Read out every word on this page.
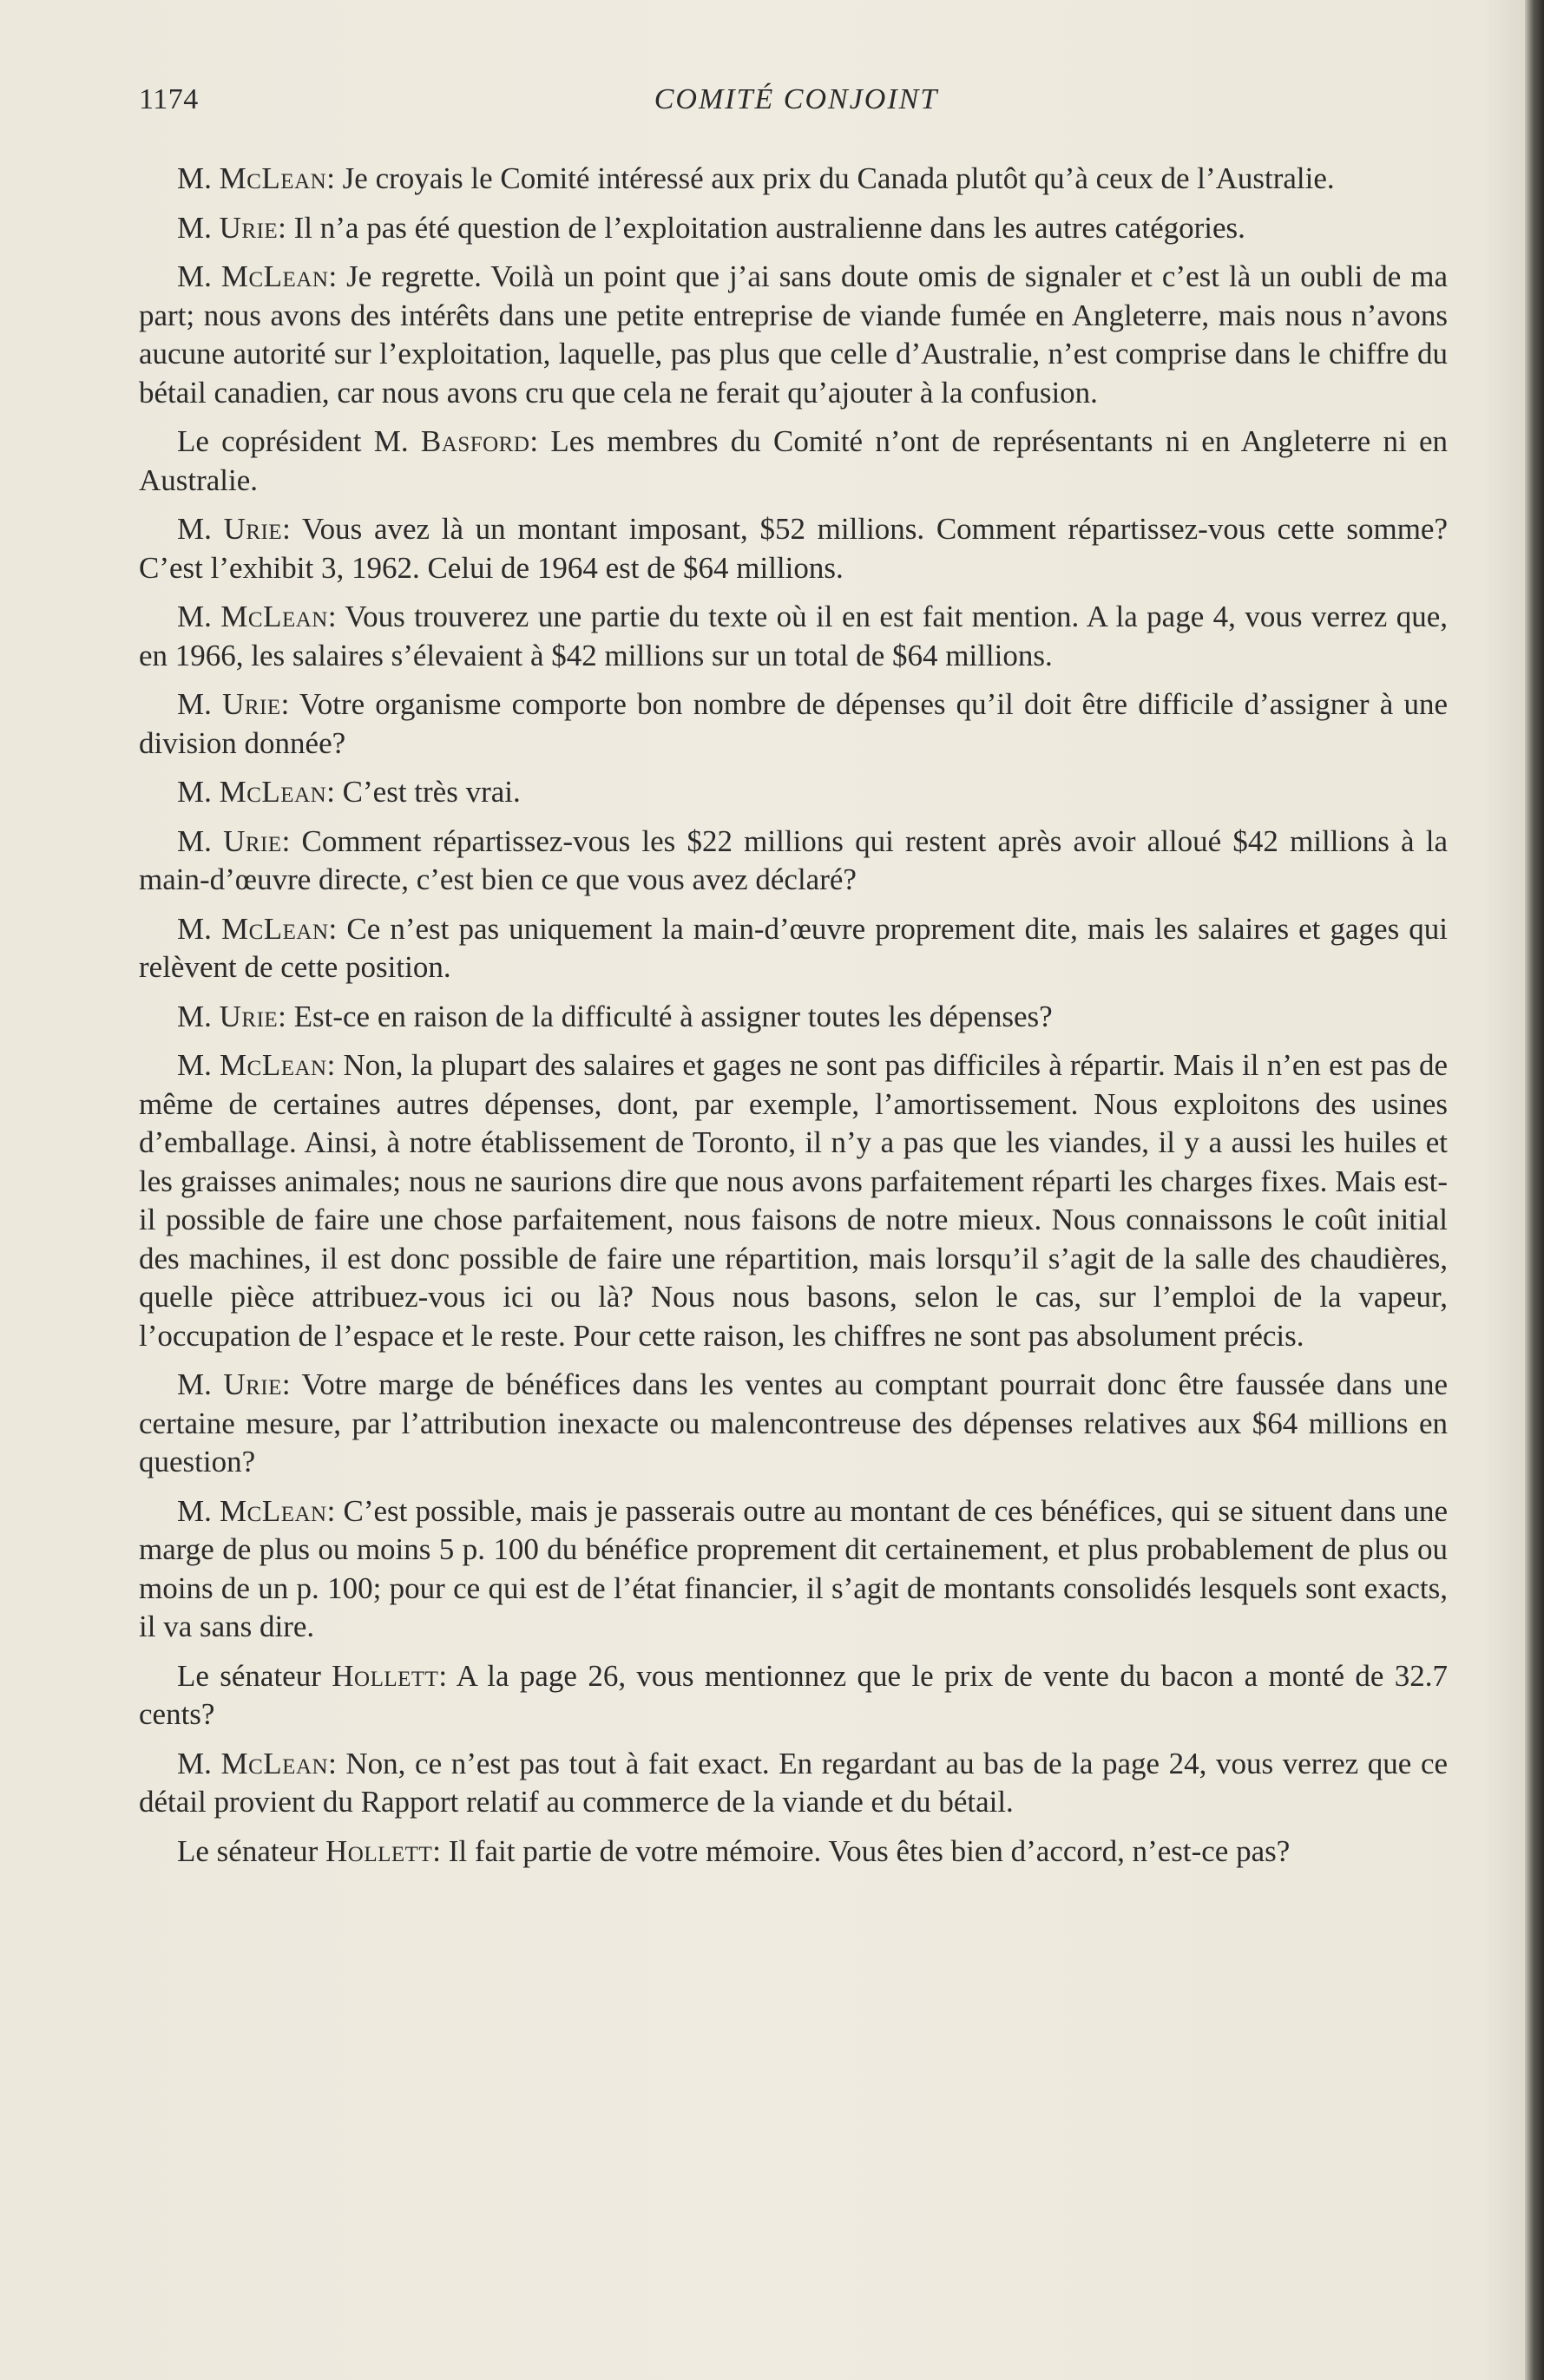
1174	COMITÉ CONJOINT

M. McLean: Je croyais le Comité intéressé aux prix du Canada plutôt qu’à ceux de l’Australie.

M. Urie: Il n’a pas été question de l’exploitation australienne dans les autres catégories.

M. McLean: Je regrette. Voilà un point que j’ai sans doute omis de signaler et c’est là un oubli de ma part; nous avons des intérêts dans une petite entreprise de viande fumée en Angleterre, mais nous n’avons aucune autorité sur l’exploitation, laquelle, pas plus que celle d’Australie, n’est comprise dans le chiffre du bétail canadien, car nous avons cru que cela ne ferait qu’ajouter à la confusion.

Le coprésident M. Basford: Les membres du Comité n’ont de représentants ni en Angleterre ni en Australie.

M. Urie: Vous avez là un montant imposant, $52 millions. Comment répartissez-vous cette somme? C’est l’exhibit 3, 1962. Celui de 1964 est de $64 millions.

M. McLean: Vous trouverez une partie du texte où il en est fait mention. A la page 4, vous verrez que, en 1966, les salaires s’élevaient à $42 millions sur un total de $64 millions.

M. Urie: Votre organisme comporte bon nombre de dépenses qu’il doit être difficile d’assigner à une division donnée?

M. McLean: C’est très vrai.

M. Urie: Comment répartissez-vous les $22 millions qui restent après avoir alloué $42 millions à la main-d’œuvre directe, c’est bien ce que vous avez déclaré?

M. McLean: Ce n’est pas uniquement la main-d’œuvre proprement dite, mais les salaires et gages qui relèvent de cette position.

M. Urie: Est-ce en raison de la difficulté à assigner toutes les dépenses?

M. McLean: Non, la plupart des salaires et gages ne sont pas difficiles à répartir. Mais il n’en est pas de même de certaines autres dépenses, dont, par exemple, l’amortissement. Nous exploitons des usines d’emballage. Ainsi, à notre établissement de Toronto, il n’y a pas que les viandes, il y a aussi les huiles et les graisses animales; nous ne saurions dire que nous avons parfaitement réparti les charges fixes. Mais est-il possible de faire une chose parfaitement, nous faisons de notre mieux. Nous connaissons le coût initial des machines, il est donc possible de faire une répartition, mais lorsqu’il s’agit de la salle des chaudières, quelle pièce attribuez-vous ici ou là? Nous nous basons, selon le cas, sur l’emploi de la vapeur, l’occupation de l’espace et le reste. Pour cette raison, les chiffres ne sont pas absolument précis.

M. Urie: Votre marge de bénéfices dans les ventes au comptant pourrait donc être faussée dans une certaine mesure, par l’attribution inexacte ou malencontreuse des dépenses relatives aux $64 millions en question?

M. McLean: C’est possible, mais je passerais outre au montant de ces bénéfices, qui se situent dans une marge de plus ou moins 5 p. 100 du bénéfice proprement dit certainement, et plus probablement de plus ou moins de un p. 100; pour ce qui est de l’état financier, il s’agit de montants consolidés lesquels sont exacts, il va sans dire.

Le sénateur Hollett: A la page 26, vous mentionnez que le prix de vente du bacon a monté de 32.7 cents?

M. McLean: Non, ce n’est pas tout à fait exact. En regardant au bas de la page 24, vous verrez que ce détail provient du Rapport relatif au commerce de la viande et du bétail.

Le sénateur Hollett: Il fait partie de votre mémoire. Vous êtes bien d’accord, n’est-ce pas?
